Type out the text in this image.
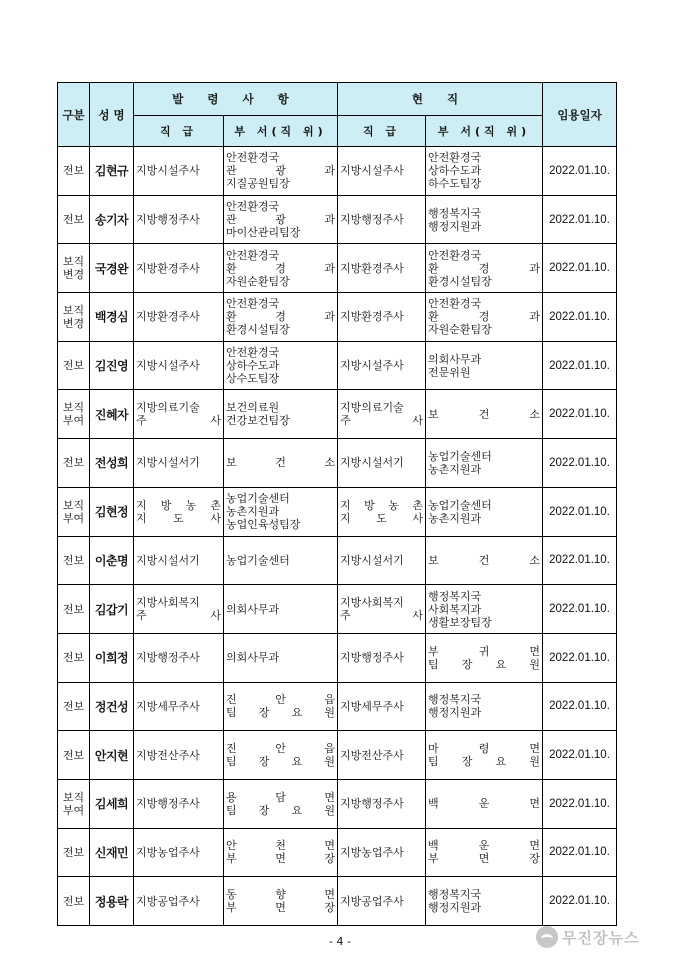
구분	성 명	발 령 사 항		현 직		임용일자
		직 급	부 서(직 위)	직 급	부 서(직 위)	

전보	김현규	지방시설주사	안전환경국
관 광 과
지질공원팀장	지방시설주사	안전환경국
상하수도과
하수도팀장	2022.01.10.

전보	송기자	지방행정주사	안전환경국
관 광 과
마이산관리팀장	지방행정주사	행정복지국
행정지원과	2022.01.10.

보직
변경	국경완	지방환경주사	안전환경국
환 경 과
자원순환팀장	지방환경주사	안전환경국
환 경 과
환경시설팀장	2022.01.10.

보직
변경	백경심	지방환경주사	안전환경국
환 경 과
환경시설팀장	지방환경주사	안전환경국
환 경 과
자원순환팀장	2022.01.10.

전보	김진영	지방시설주사	안전환경국
상하수도과
상수도팀장	지방시설주사	의회사무과
전문위원	2022.01.10.

보직
부여	진혜자	지방의료기술
주 사	보건의료원
건강보건팀장	지방의료기술
주 사	보 건 소	2022.01.10.

전보	전성희	지방시설서기	보 건 소	지방시설서기	농업기술센터
농촌지원과	2022.01.10.

보직
부여	김현정	지 방 농 촌
지 도 사	농업기술센터
농촌지원과
농업인육성팀장	지 방 농 촌
지 도 사	농업기술센터
농촌지원과	2022.01.10.

전보	이춘명	지방시설서기	농업기술센터	지방시설서기	보 건 소	2022.01.10.

전보	김갑기	지방사회복지
주 사	의회사무과	지방사회복지
주 사	행정복지국
사회복지과
생활보장팀장	2022.01.10.

전보	이희정	지방행정주사	의회사무과	지방행정주사	부 귀 면
팀 장 요 원	2022.01.10.

전보	정건성	지방세무주사	진 안 읍
팀 장 요 원	지방세무주사	행정복지국
행정지원과	2022.01.10.

전보	안지현	지방전산주사	진 안 읍
팀 장 요 원	지방전산주사	마 령 면
팀 장 요 원	2022.01.10.

보직
부여	김세희	지방행정주사	용 담 면
팀 장 요 원	지방행정주사	백 운 면	2022.01.10.

전보	신재민	지방농업주사	안 천 면
부 면 장	지방농업주사	백 운 면
부 면 장	2022.01.10.

전보	정용락	지방공업주사	동 향 면
부 면 장	지방공업주사	행정복지국
행정지원과	2022.01.10.
- 4 -	무진장뉴스
